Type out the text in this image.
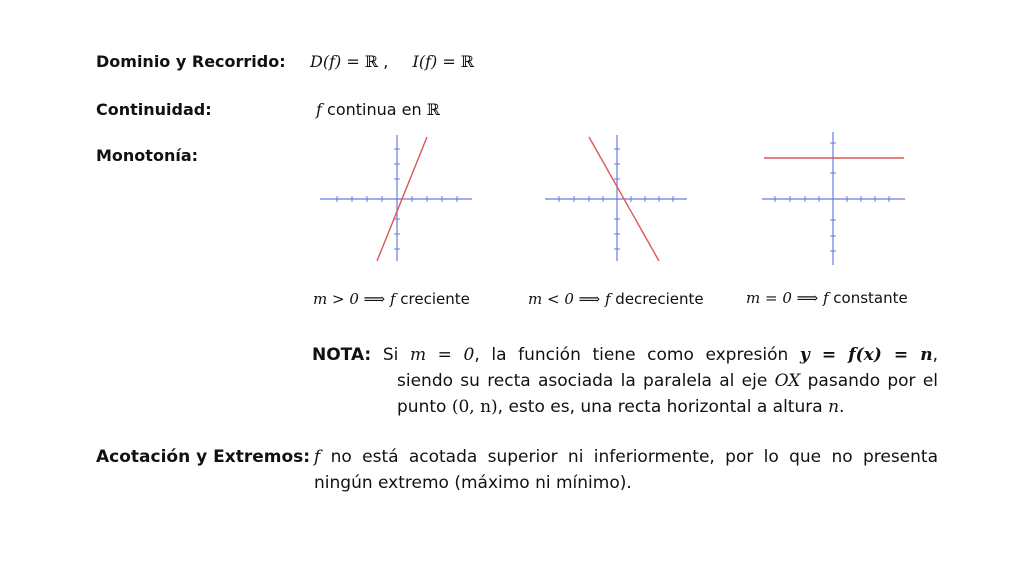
Dominio y Recorrido: D(f) = ℝ , I(f) = ℝ
Continuidad:	f continua en ℝ
Monotonía:
m > 0 ⟹ f creciente	m < 0 ⟹ f decreciente	m = 0 ⟹ f constante
NOTA: Si m = 0, la función tiene como expresión y = f(x) = n,
siendo su recta asociada la paralela al eje OX pasando por el
punto (0, n), esto es, una recta horizontal a altura n.
Acotación y Extremos: f no está acotada superior ni inferiormente, por lo que no presenta
ningún extremo (máximo ni mínimo).
